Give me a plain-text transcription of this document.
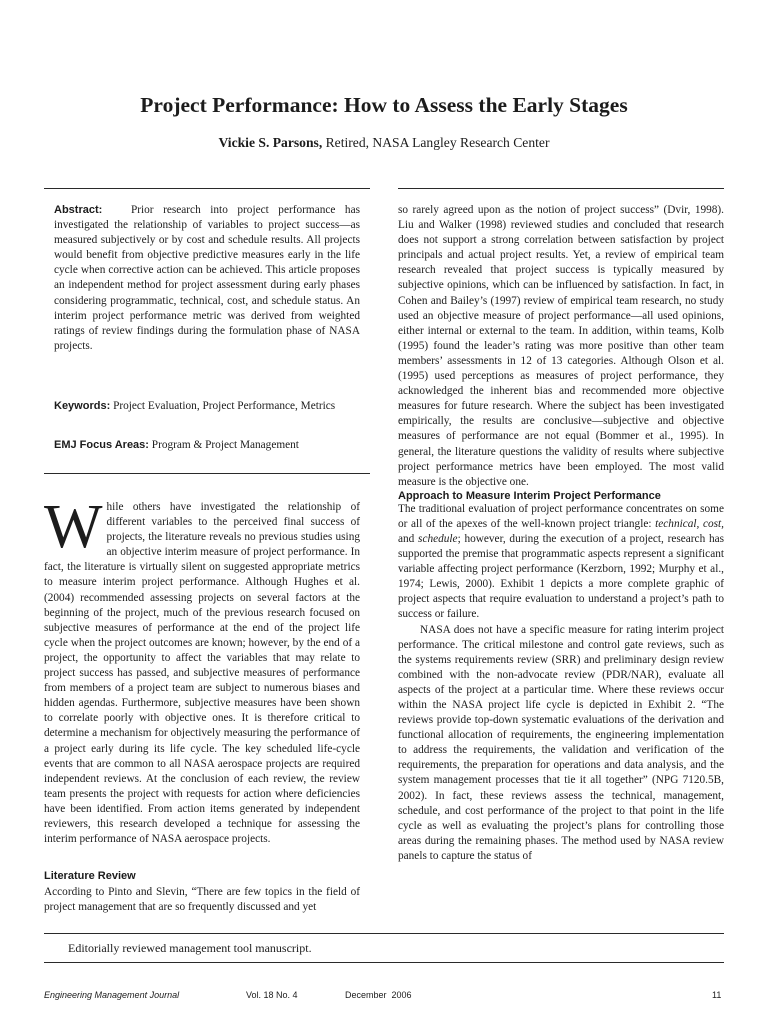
Project Performance: How to Assess the Early Stages
Vickie S. Parsons, Retired, NASA Langley Research Center

Abstract:	Prior research into project performance has investigated the relationship of variables to project success—as measured subjectively or by cost and schedule results. All projects would benefit from objective predictive measures early in the life cycle when corrective action can be achieved. This article proposes an independent method for project assessment during early phases considering programmatic, technical, cost, and schedule status. An interim project performance metric was derived from weighted ratings of review findings during the formulation phase of NASA projects.

Keywords: Project Evaluation, Project Performance, Metrics
EMJ Focus Areas: Program & Project Management

While others have investigated the relationship of different variables to the perceived final success of projects, the literature reveals no previous studies using an objective interim measure of project performance. In fact, the literature is virtually silent on suggested appropriate metrics to measure interim project performance. Although Hughes et al. (2004) recommended assessing projects on several factors at the beginning of the project, much of the previous research focused on subjective measures of performance at the end of the project life cycle when the project outcomes are known; however, by the end of a project, the opportunity to affect the variables that may relate to project success has passed, and subjective measures of performance from members of a project team are subject to numerous biases and hidden agendas. Furthermore, subjective measures have been shown to correlate poorly with objective ones. It is therefore critical to determine a mechanism for objectively measuring the performance of a project early during its life cycle. The key scheduled life-cycle events that are common to all NASA aerospace projects are required independent reviews. At the conclusion of each review, the review team presents the project with requests for action where deficiencies have been identified. From action items generated by independent reviewers, this research developed a technique for assessing the interim performance of NASA aerospace projects.

Literature Review

According to Pinto and Slevin, “There are few topics in the field of project management that are so frequently discussed and yet

so rarely agreed upon as the notion of project success” (Dvir, 1998). Liu and Walker (1998) reviewed studies and concluded that research does not support a strong correlation between satisfaction by project principals and actual project results. Yet, a review of empirical team research revealed that project success is typically measured by subjective opinions, which can be influenced by satisfaction. In fact, in Cohen and Bailey’s (1997) review of empirical team research, no study used an objective measure of project performance—all used opinions, either internal or external to the team. In addition, within teams, Kolb (1995) found the leader’s rating was more positive than other team members’ assessments in 12 of 13 categories. Although Olson et al. (1995) used perceptions as measures of project performance, they acknowledged the inherent bias and recommended more objective measures for future research. Where the subject has been investigated empirically, the results are conclusive—subjective and objective measures of performance are not equal (Bommer et al., 1995). In general, the literature questions the validity of results where subjective project performance metrics have been employed. The most valid measure is the objective one.

Approach to Measure Interim Project Performance

The traditional evaluation of project performance concentrates on some or all of the apexes of the well-known project triangle: technical, cost, and schedule; however, during the execution of a project, research has supported the premise that programmatic aspects represent a significant variable affecting project performance (Kerzborn, 1992; Murphy et al., 1974; Lewis, 2000). Exhibit 1 depicts a more complete graphic of project aspects that require evaluation to understand a project’s path to success or failure.

NASA does not have a specific measure for rating interim project performance. The critical milestone and control gate reviews, such as the systems requirements review (SRR) and preliminary design review combined with the non-advocate review (PDR/NAR), evaluate all aspects of the project at a particular time. Where these reviews occur within the NASA project life cycle is depicted in Exhibit 2. “The reviews provide top-down systematic evaluations of the derivation and functional allocation of requirements, the engineering implementation to address the requirements, the validation and verification of the requirements, the preparation for operations and data analysis, and the system management processes that tie it all together” (NPG 7120.5B, 2002). In fact, these reviews assess the technical, management, schedule, and cost performance of the project to that point in the life cycle as well as evaluating the project’s plans for controlling those areas during the remaining phases. The method used by NASA review panels to capture the status of

Editorially reviewed management tool manuscript.
Engineering Management Journal	Vol. 18 No. 4	December  2006	11
